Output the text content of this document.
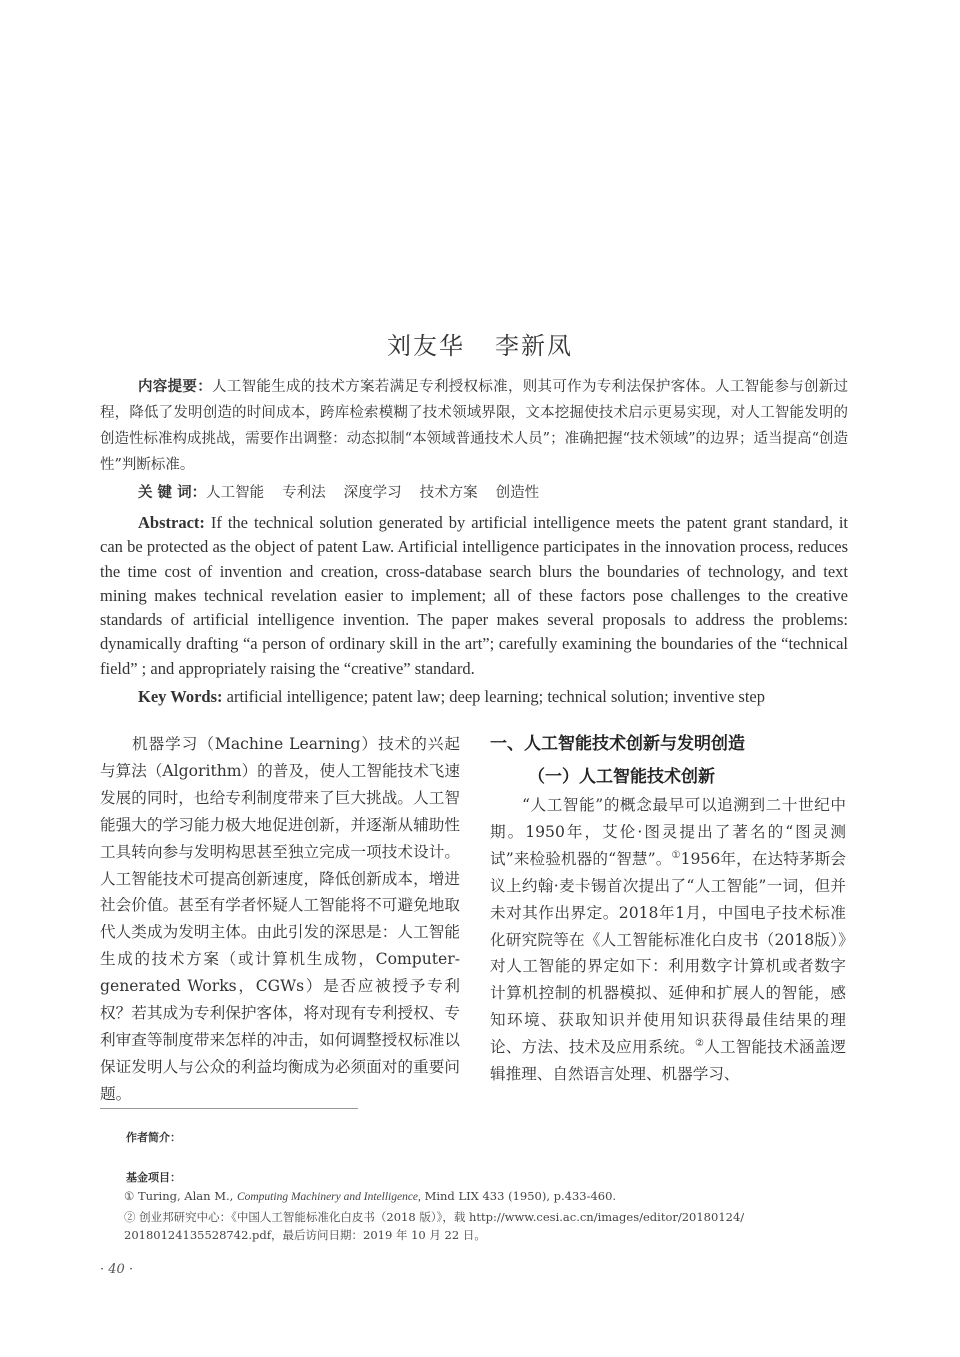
刘友华 李新凤
内容提要：人工智能生成的技术方案若满足专利授权标准，则其可作为专利法保护客体。人工智能参与创新过程，降低了发明创造的时间成本，跨库检索模糊了技术领域界限，文本挖掘使技术启示更易实现，对人工智能发明的创造性标准构成挑战，需要作出调整：动态拟制“本领域普通技术人员”；准确把握“技术领域”的边界；适当提高“创造性”判断标准。
关 键 词：人工智能 专利法 深度学习 技术方案 创造性
Abstract: If the technical solution generated by artificial intelligence meets the patent grant standard, it can be protected as the object of patent Law. Artificial intelligence participates in the innovation process, reduces the time cost of invention and creation, cross-database search blurs the boundaries of technology, and text mining makes technical revelation easier to implement; all of these factors pose challenges to the creative standards of artificial intelligence invention. The paper makes several proposals to address the problems: dynamically drafting “a person of ordinary skill in the art”; carefully examining the boundaries of the “technical field” ; and appropriately raising the “creative” standard.
Key Words: artificial intelligence; patent law; deep learning; technical solution; inventive step
机器学习（Machine Learning）技术的兴起与算法（Algorithm）的普及，使人工智能技术飞速发展的同时，也给专利制度带来了巨大挑战。人工智能强大的学习能力极大地促进创新，并逐渐从辅助性工具转向参与发明构思甚至独立完成一项技术设计。人工智能技术可提高创新速度，降低创新成本，增进社会价值。甚至有学者怀疑人工智能将不可避免地取代人类成为发明主体。由此引发的深思是：人工智能生成的技术方案（或计算机生成物，Computer-generated Works，CGWs）是否应被授予专利权？若其成为专利保护客体，将对现有专利授权、专利审查等制度带来怎样的冲击，如何调整授权标准以保证发明人与公众的利益均衡成为必须面对的重要问题。
一、人工智能技术创新与发明创造
（一）人工智能技术创新
“人工智能”的概念最早可以追溯到二十世纪中期。1950年，艾伦·图灵提出了著名的“图灵测试”来检验机器的“智慧”。①1956年，在达特茅斯会议上约翰·麦卡锡首次提出了“人工智能”一词，但并未对其作出界定。2018年1月，中国电子技术标准化研究院等在《人工智能标准化白皮书（2018版）》对人工智能的界定如下：利用数字计算机或者数字计算机控制的机器模拟、延伸和扩展人的智能，感知环境、获取知识并使用知识获得最佳结果的理论、方法、技术及应用系统。②人工智能技术涵盖逻辑推理、自然语言处理、机器学习、
作者简介：
基金项目：
① Turing, Alan M., Computing Machinery and Intelligence, Mind LIX 433 (1950), p.433-460.
② 创业邦研究中心：《中国人工智能标准化白皮书（2018 版）》，载 http://www.cesi.ac.cn/images/editor/20180124/ 20180124135528742.pdf，最后访问日期：2019 年 10 月 22 日。
· 40 ·
